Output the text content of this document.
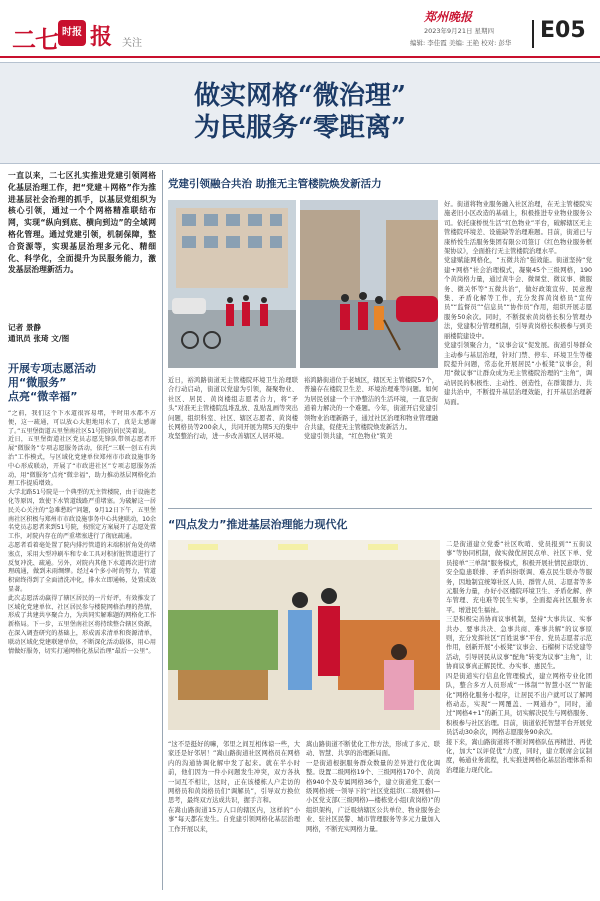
二七 时报 报 关注
郑州晚报
2023年9月21日 星期四
编辑: 李佳霞 美编: 王艳 校对: 彭华 E05
做实网格“微治理”
为民服务“零距离”
一直以来，二七区扎实推进党建引领网格化基层治理工作，把“党建＋网格”作为推进基层社会治理的抓手，以基层党组织为核心引领，通过一个个网格精准联结布网，实现“纵向到底、横向到边”的全域网格化管理。通过党建引领，机制保障，整合资源等，实现基层治理多元化、精细化、科学化，全面提升为民服务能力，激发基层治理新活力。
记者 景静
通讯员 张琦 文/图
开展专项志愿活动
用“微服务”
点亮“微幸福”
“之前，我们这个下水道很容易堵，平时用水都不方便，这一疏通，可以放心大胆地用水了，真是太感谢了。”五里堡街道五里堡南社区51号院的居民笑着说。
近日，五里堡街道社区党员志愿先锋队带领志愿者开展“微服务”专项志愿服务活动，依托“三联一创五有共治”工作模式，与区域化党建单位郑州市市政设施事务中心形成联动，开展了“市政进社区”专项志愿服务活动，用“微服务”点亮“微幸福”，助力推动基层网格化治理工作提质增效。
大学北路51号院是一个典型的无主管楼院，由于设施老化等原因，致使下水管道线路严重堵塞。为破解这一居民关心关注的“急难愁盼”问题，9月12日下午，五里堡南社区积极与郑州市市政设施事务中心共建联动，10余名党员志愿者来到51号院，按照定方案展开了志愿处置工作，对院内存在的严重堵塞进行了彻底疏通。
志愿者看着毫处置了院内排污管道的末端积折角处的堵塞点，采用大型冲刷车和专业工具对积折脏管道进行了反复冲洗、疏通。另外，对院内其他下水道再次进行清理疏通，做到未雨绸缪。经过4个多小时的努力，管道积窗终得到了全面清洗冲化，排水立即通畅，处置成效显著。
此次志愿活动赢得了辖区居民的一片好评，有效推发了区域化党建单位、社区居民参与楼院网格治理的热情，形成了共建共享聚合力，为共同实解难题的网格化工作新格局。下一步，五里堡南社区将持续整合辖区资源，在深入调查研究的基础上，形成需求清单和资源清单，联动区域化党建联建单位，不断深化活动载体，用心用情做好服务，切实打通网格化基层治理“最后一公里”。
党建引领融合共治 助推无主管楼院焕发新活力
近日，裕鸿路街道无主管楼院环境卫生治理联合行动启动，街道以党建为引领，凝聚物业、社区、居民、黄岗楼组志愿者合力，将“矛头”对准无主管楼院乱堆乱放、乱贴乱画等突出问题，组织科室、社区、辖区志愿者、黄岗楼长网格员等200余人，共同开展为期5天的集中攻坚整治行动，进一步改善辖区人居环境。
裕鸿路街道位于老城区，辖区无主管楼院57个，普遍存在楼院卫生差、环境治理难等问题。如何为居民创建一个干净整洁的生活环境，一直是街道着力解决的一个难题。今年，街道开启党建引领物业治理新路子，通过社区治理和物业管理融合共建，促使无主管楼院焕发新活力。
党建引领共建，“红色物业”筑美
好。街道将物业服务融入社区治理，在无主管楼院实施老旧小区改造的基础上，积极推进专业物业服务公司。依托康桥悦生活“红色物业”平台，破解辖区无主管楼院环境差、设施缺等治理难题。目前，街道已与康桥悦生活服务集团有限公司签订《红色物业服务框架协议》，全面推行无主管楼院治理水平。
党建赋能网格化，“五微共治”强效能。街道坚持“党建+网格”社会治理模式，凝聚45个三级网格，190个黄岗格力量，通过黄牛会、微课堂、微议事、微服务、微关怀等“五微共治”，做好政策宣传、民意搜集、矛盾化解等工作，充分发挥黄岗格员“宣传员”“监督员”“信息员”“协作员”作用，组织开展志愿服务50余次。同时，不断探索黄岗格长积分管理办法，党建积分管理机制，引导黄岗格长积极参与到美丽楼院建设中。
党建引领聚合力，“议事会议”促发展。街道引导群众主动参与基层治理，针对门禁、停车、环境卫生等楼院提升问题，常态化开展居民“小板凳”议事会，利用“微议事”让群众成为无主管楼院治理的“主角”，调动居民的积极性、主动性、创造性，在群策群力、共建共治中，不断提升基层治理效能，打开基层治理新局面。
“四点发力”推进基层治理能力现代化
“这不是挺好的嘛，邻里之间互相体谅一些，大家还是好邻居！”嵩山路街道社区网格员在网格内的沟通协调化解中发了起来。就在半小时前，他们因为一件小问题发生冲突，双方各执一词互不相让，这时，正在该楼栋人户走访的网格员和黄岗格员们“调解员”，引导双方换位思考，最终双方达成共识，握手言和。
在嵩山路街道15万人口的辖区内，这样的“小事”每天都在发生。自党建引领网格化基层治理工作开展以来，
嵩山路街道不断优化工作方法，形成了多元、联动、智慧、共享的治理新局面。
一是街道根据服务群众数量的差异进行优化调整。设置二级网格19个、三级网格170个、黄岗格940个及专属网格36个，建立街道党工委(一级网格)统一领导下的“社区党组织(二级网格)—小区党支部(三级网格)—楼栋党小组(黄岗格)”的组织架构，广泛吸纳辖区公共单位、物业服务企业、驻社区民警、城市管理服务等多元力量加入网格，不断充实网格力量。
二是街道建立党委“社区吹哨、党员报到”“五街议事”等协同机制，做实做优居民点单、社区下单、党员接单“三单制”服务模式，积极开展社情民意联访、安全隐患联排、矛盾纠纷联调、难点民生联办等服务，因地制宜统筹社区人员、群管人员、志愿者等多元服务力量，办好小区楼院环境卫生、矛盾化解、停车管理、充电难等民生实事，全面提高社区服务水平。增进民生福祉。
三是积极完善协商议事机制，坚持“大事共议、实事共办、要事共决、急事共商、难事共解”的议事原则，充分发挥社区“百姓说事”平台、党员志愿者示范作用，创新开展“小板凳”议事会、石榴树下话党建等活动，引导居民从议事“配角”转变为议事“主角”，让协商议事真正解民忧、办实事、惠民生。
四是街道实行信息化管理模式，建立网格专业化团队，整合多方人员形成“一体制”“智慧小区”“智能化”网格化服务小程序，让居民不出户就可以了解网格动态，实现“一网覆盖、一网通办”，同时，通过“网格4+1”的新工具，切实解决民生与网格服务、积极参与社区治理。目前，街道依托智慧平台开展党员活动30余次，网格志愿服务90余次。
接下来，嵩山路街道将不断对网格队伍再精进、再优化，加大“以评促优”力度，同时，建立联席会议制度，畅通业务流程，扎实推进网格化基层治理体系和治理能力现代化。
